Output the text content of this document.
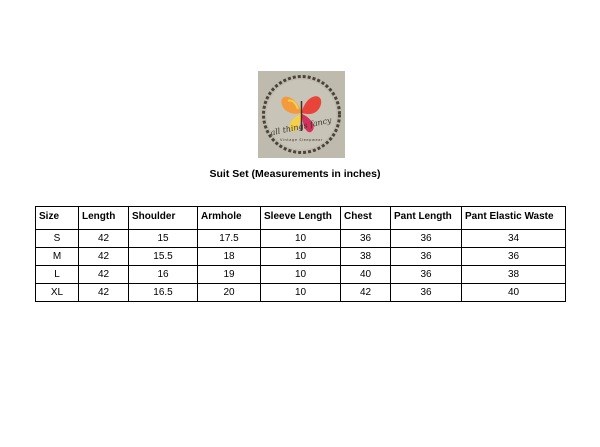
all things fancy
Vintage Sleepwear
Suit Set (Measurements in inches)
Size	Length	Shoulder	Armhole	Sleeve Length	Chest	Pant Length	Pant Elastic Waste
S	42	15	17.5	10	36	36	34
M	42	15.5	18	10	38	36	36
L	42	16	19	10	40	36	38
XL	42	16.5	20	10	42	36	40
